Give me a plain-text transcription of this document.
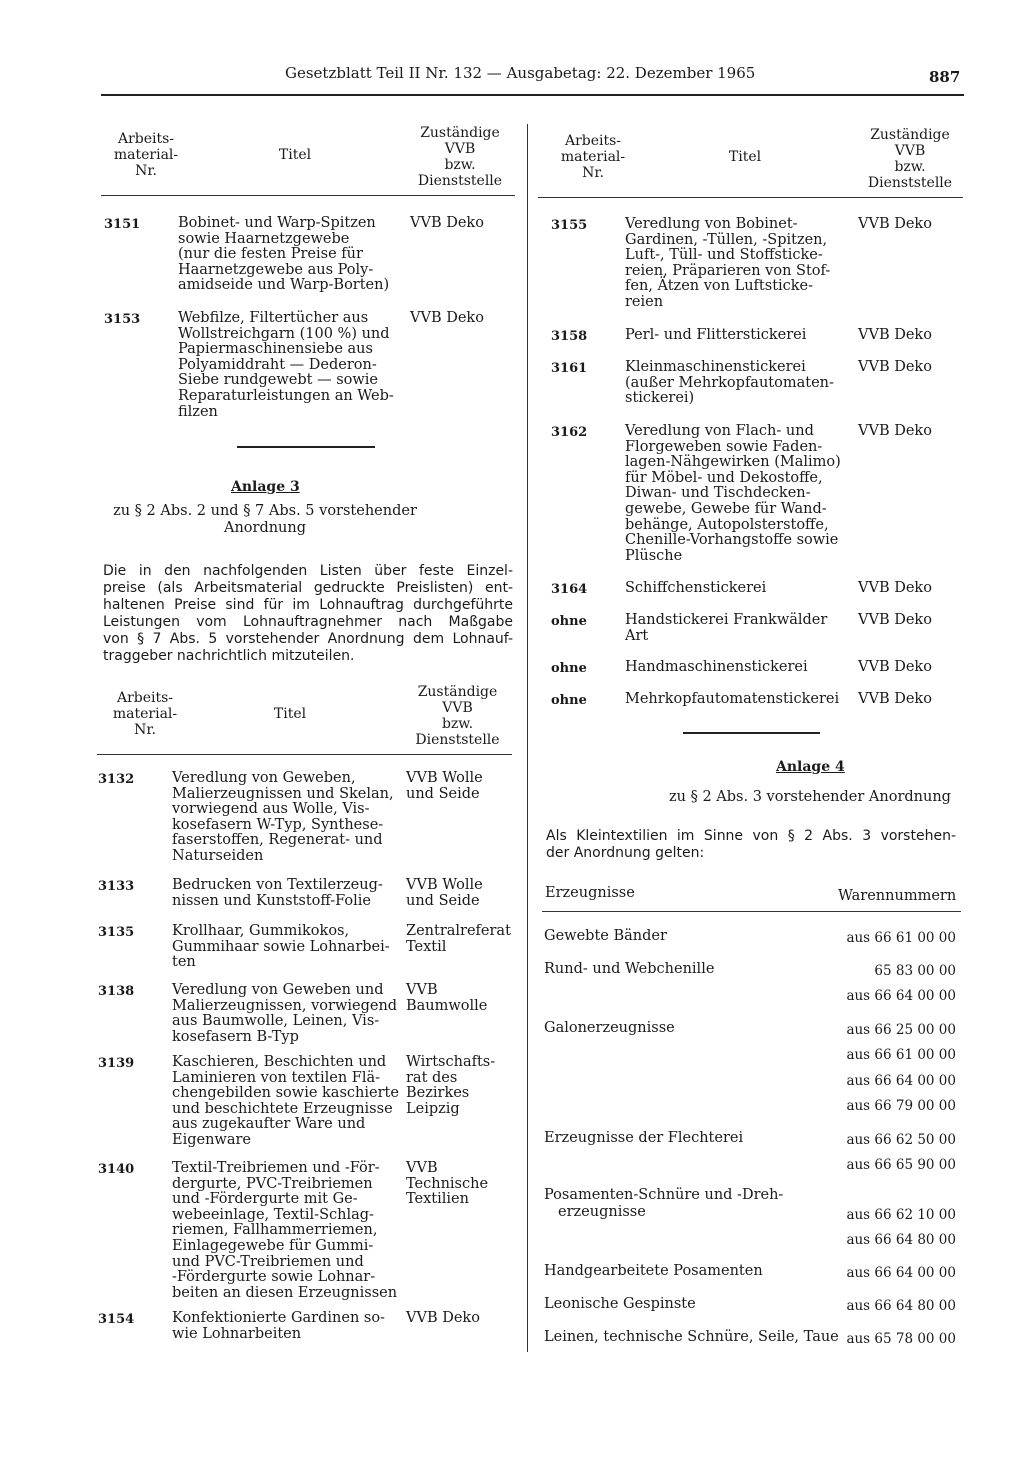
Gesetzblatt Teil II Nr. 132 — Ausgabetag: 22. Dezember 1965	887
Arbeits-
material-
Nr.
Titel
Zuständige
VVB
bzw.
Dienststelle
3151	Bobinet- und Warp-Spitzen
sowie Haarnetzgewebe
(nur die festen Preise für
Haarnetzgewebe aus Poly-
amidseide und Warp-Borten)
VVB Deko
3153	Webfilze, Filtertücher aus
Wollstreichgarn (100 %) und
Papiermaschinensiebe aus
Polyamiddraht — Dederon-
Siebe rundgewebt — sowie
Reparaturleistungen an Web-
filzen
VVB Deko
Anlage 3
zu § 2 Abs. 2 und § 7 Abs. 5 vorstehender
Anordnung
Die in den nachfolgenden Listen über feste Einzel-
preise (als Arbeitsmaterial gedruckte Preislisten) ent-
haltenen Preise sind für im Lohnauftrag durchgeführte
Leistungen vom Lohnauftragnehmer nach Maßgabe
von § 7 Abs. 5 vorstehender Anordnung dem Lohnauf-
traggeber nachrichtlich mitzuteilen.
Arbeits-
material-
Nr.
Titel
Zuständige
VVB
bzw.
Dienststelle
3132	Veredlung von Geweben,
Malierzeugnissen und Skelan,
vorwiegend aus Wolle, Vis-
kosefasern W-Typ, Synthese-
faserstoffen, Regenerat- und
Naturseiden
VVB Wolle
und Seide
3133	Bedrucken von Textilerzeug-
nissen und Kunststoff-Folie
VVB Wolle
und Seide
3135	Krollhaar, Gummikokos,
Gummihaar sowie Lohnarbei-
ten
Zentralreferat
Textil
3138	Veredlung von Geweben und
Malierzeugnissen, vorwiegend
aus Baumwolle, Leinen, Vis-
kosefasern B-Typ
VVB
Baumwolle
3139	Kaschieren, Beschichten und
Laminieren von textilen Flä-
chengebilden sowie kaschierte
und beschichtete Erzeugnisse
aus zugekaufter Ware und
Eigenware
Wirtschafts-
rat des
Bezirkes
Leipzig
3140	Textil-Treibriemen und -För-
dergurte, PVC-Treibriemen
und -Fördergurte mit Ge-
webeeinlage, Textil-Schlag-
riemen, Fallhammerriemen,
Einlagegewebe für Gummi-
und PVC-Treibriemen und
-Fördergurte sowie Lohnar-
beiten an diesen Erzeugnissen
VVB
Technische
Textilien
3154	Konfektionierte Gardinen so-
wie Lohnarbeiten
VVB Deko
Arbeits-
material-
Nr.
Titel
Zuständige
VVB
bzw.
Dienststelle
3155	Veredlung von Bobinet-
Gardinen, -Tüllen, -Spitzen,
Luft-, Tüll- und Stoffsticke-
reien, Präparieren von Stof-
fen, Ätzen von Luftsticke-
reien
VVB Deko
3158	Perl- und Flitterstickerei	VVB Deko
3161	Kleinmaschinenstickerei
(außer Mehrkopfautomaten-
stickerei)
VVB Deko
3162	Veredlung von Flach- und
Florgeweben sowie Faden-
lagen-Nähgewirken (Malimo)
für Möbel- und Dekostoffe,
Diwan- und Tischdecken-
gewebe, Gewebe für Wand-
behänge, Autopolsterstoffe,
Chenille-Vorhangstoffe sowie
Plüsche
VVB Deko
3164	Schiffchenstickerei	VVB Deko
ohne	Handstickerei Frankwälder
Art
VVB Deko
ohne	Handmaschinenstickerei	VVB Deko
ohne	Mehrkopfautomatenstickerei	VVB Deko
Anlage 4
zu § 2 Abs. 3 vorstehender Anordnung
Als Kleintextilien im Sinne von § 2 Abs. 3 vorstehen-
der Anordnung gelten:
Erzeugnisse	Warennummern
Gewebte Bänder	aus 66 61 00 00
Rund- und Webchenille	65 83 00 00
aus 66 64 00 00
Galonerzeugnisse	aus 66 25 00 00
aus 66 61 00 00
aus 66 64 00 00
aus 66 79 00 00
Erzeugnisse der Flechterei	aus 66 62 50 00
aus 66 65 90 00
Posamenten-Schnüre und -Dreh-
erzeugnisse	aus 66 62 10 00
aus 66 64 80 00
Handgearbeitete Posamenten	aus 66 64 00 00
Leonische Gespinste	aus 66 64 80 00
Leinen, technische Schnüre, Seile, Taue aus 65 78 00 00
